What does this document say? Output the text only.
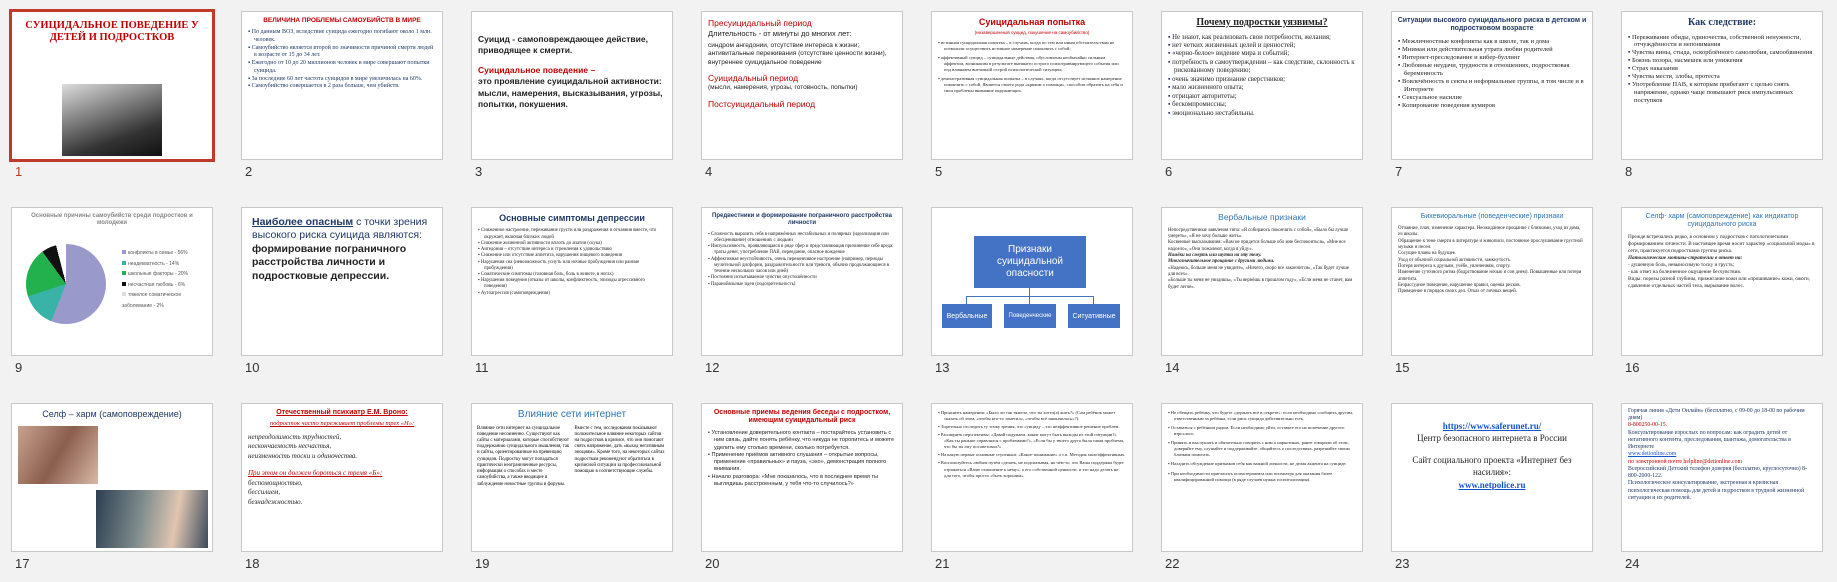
СУИЦИДАЛЬНОЕ ПОВЕДЕНИЕ У ДЕТЕЙ И ПОДРОСТКОВ
1
ВЕЛИЧИНА ПРОБЛЕМЫ САМОУБИЙСТВ В МИРЕ
▪ По данным ВОЗ, вследствие суицида ежегодно погибают около 1 млн. человек.
▪ Самоубийство является второй по значимости причиной смерти людей в возрасте от 15 до 34 лет.
▪ Ежегодно от 10 до 20 миллионов человек в мире совершают попытки суицида.
▪ За последние 60 лет частота суицидов в мире увеличилась на 60%.
▪ Самоубийство совершается в 2 раза больше, чем убийств.
2
Суицид - самоповреждающее действие, приводящее к смерти.
Суицидальное поведение –
это проявление суицидальной активности: мысли, намерения, высказывания, угрозы, попытки, покушения.
3
Пресуицидальный период
Длительность - от минуты до многих лет:
синдром ангедонии, отсутствие интереса к жизни; антивитальные переживания (отсутствие ценности жизни), внутреннее суицидальное поведение
Суицидальный период
(мысли, намерения, угрозы, готовность, попытки)
Постсуицидальный период
4
Суицидальная попытка
(незавершенный суицид, покушение на самоубийство)
▪ истинная суицидальная попытка – в случаях, когда по тем или иным обстоятельствам не позволили осуществить истинное намерение покончить с собой;
▪ аффективный суицид – суицидальные действия, обусловлены необычайно сильным аффектом, возникшим в результате внешнего острого психотравмирующего события или под влиянием внезапной острой психологической ситуации;
▪ демонстративная суицидальная попытка – в случаях, когда отсутствует истинное намерение покончить с собой. Является своего рода «криком о помощи», способом обратить на себя и свои проблемы внимание окружающих.
5
Почему подростки уязвимы?
▪ Не знают, как реализовать свои потребности, желания;
▪ нет четких жизненных целей и ценностей;
▪ «черно-белое» видение мира и событий;
▪ потребность в самоутверждении – как следствие, склонность к рискованному поведению;
▪ очень значимо признание сверстников;
▪ мало жизненного опыта;
▪ отрицают авторитеты;
▪ бескомпромиссны;
▪ эмоционально нестабильны.
6
Ситуации высокого суицидального риска в детском и подростковом возрасте
▪ Межличностные конфликты как в школе, так и дома
▪ Мнимая или действительная утрата любви родителей
▪ Интернет-преследование и кибер-буллинг
▪ Любовные неудачи, трудности в отношениях, подростковая беременность
▪ Вовлечённость в секты и неформальные группы, в том числе и в Интернете
▪ Сексуальное насилие
▪ Копирование поведения кумиров
7
Как следствие:
▪ Переживание обиды, одиночества, собственной ненужности, отчуждённости и непонимания
▪ Чувства вины, стыда, оскорблённого самолюбия, самообвинения
▪ Боязнь позора, насмешек или унижения
▪ Страх наказания
▪ Чувства мести, злобы, протеста
▪ Употребление ПАВ, к которым прибегают с целью снять напряжение, однако чаще повышают риск импульсивных поступков
8
Основные причины самоубийств среди подростков и молодежи
конфликты в семье - 56%
неадекватность - 14%
школьные факторы - 20%
несчастная любовь - 6%
тяжелое соматическое заболевание - 2%
9
Наиболее опасным с точки зрения высокого риска суицида являются:
формирование пограничного расстройства личности и подростковые депрессии.
10
Основные симптомы депрессии
▪ Сниженное настроение, переживание грусти или раздражения и отчаяния вместе, что окружает, включая близких людей
▪ Снижение жизненной активности вплоть до апатии (скука)
▪ Ангедония – отсутствие интереса и стремления к удовольствию
▪ Снижение или отсутствие аппетита, нарушения пищевого поведения
▪ Нарушения сна (невозможность уснуть или ночные пробуждения или ранние пробуждения)
▪ Соматические симптомы (головная боль, боль в животе, в ногах)
▪ Нарушения поведения (отказы от школы, конфликтность, эпизоды агрессивного поведения)
▪ Аутоагрессия (самоповреждения)
11
Предвестники и формирование пограничного расстройства личности
▪ Сложность выразить себя в напряжённых нестабильных и полярных (идеализация или обесценивание) отношениях с людьми
▪ Импульсивность, проявляющаяся в ряде сфер и представляющая причинение себе вреда: траты денег, употребление ПАВ, переедание, опасное вождение
▪ Аффективная неустойчивость, очень переменчивое настроение (например, периоды мучительной дисфории, раздражительности или тревоги, обычно продолжающиеся в течение нескольких часов или дней)
▪ Постоянно испытываемое чувство опустошённости
▪ Паранойяльные идеи (подозрительность)
12
Признаки суицидальной опасности
Вербальные	Поведенческие	Ситуативные
13
Вербальные признаки
Непосредственные заявления типа: «Я собираюсь покончить с собой», «Было бы лучше умереть», «Я не хочу больше жить».
Косвенные высказывания: «Вам не придется больше обо мне беспокоиться», «Мне все надоело», «Они пожалеют, когда я уйду».
Намёки на смерть или шутки на эту тему.
Многозначительное прощание с другими людьми.
«Надеюсь, больше меня не увидите», «Ничего, скоро все закончится», «Так будет лучше для всех».
«Больше ты меня не увидишь», «Ты вернёшь в прошлом году», «Если меня не станет, вам будет легче».
14
Бихевиоральные (поведенческие) признаки
Отчаяние, плач, изменение характера. Неожиданное прощание с близкими, уход из дома, из школы.
Обращение к теме смерти в литературе и живописи, постоянное прослушивание грустной музыки и песен.
Сосущие планы на будущее.
Уход от обычной социальной активности, замкнутость.
Потеря интереса к друзьям, учёбе, увлечениям, спорту.
Изменение суточного ритма (бодрствование ночью и сон днем). Повышенные или потеря аппетита.
Безрассудное поведение, нарушение правил, оценка рисков.
Приведение в порядок своих дел. Отказ от личных вещей.
15
Селф- харм (самоповреждение) как индикатор суицидального риска
Прежде встречались редко, в основном у подростков с патологическими формированием личности. В настоящее время носит характер «социальной моды» в сети, практикуется подростками группы риска.
Патологические мотивы-стратегии в ответ на:
- душевную боль, невыносимую тоску и грусть;
- как ответ на болезненное ощущение бесчувствия.
Виды: порезы разной глубины, прижигание кожи или «прошивание» кожи, ожоги, сдавление отдельных частей тела, вырывание волос.
16
Селф – харм (самоповреждение)
17
Отечественный психиатр Е.М. Вроно:
подросток часто переживает проблемы трех «Н»:
непреодолимость трудностей,
нескончаемость несчастья,
неизменность тоски и одиночества.
При этом он должен бороться с тремя «Б»:
беспомощностью,
бессилием,
безнадежностью.
18
Влияние сети интернет
Влияние сети интернет на суицидальное поведение несомненно. Существуют как сайты с материалами, которые способствуют поддержанию суицидального мышления, так и сайты, ориентированные на превенцию суицидов. Подростку могут попадаться практически неограниченные ресурсы, информация о способах и месте самоубийства, а также вводящие в заблуждение новостные группы и форумы.
Вместе с тем, исследования показывают положительное влияние некоторых сайтов на подростков в кризисе, что они помогают снять напряжение, дать «выход негативным эмоциям». Кроме того, на некоторых сайтах подросткам рекомендуют обратиться в кризисной ситуации за профессиональной помощью в соответствующие службы.
19
Основные приемы ведения беседы с подростком, имеющим суицидальный риск
▪ Установление доверительного контакта – постарайтесь установить с ним связь, дайте понять ребёнку, что никуда не торопитесь и можете уделить ему столько времени, сколько потребуется.
▪ Применение приёмов активного слушания – открытые вопросы, применение «правильных» и пауза, «эхо», демонстрация полного внимания.
▪ Начало разговора: «Мне показалось, что в последнее время ты выглядишь расстроенным, у тебя что-то случилось?»
20
▪ Прояснить намерения: «Было ли так тяжело, что ты хотел(а) жить?» (Сам ребёнок может сказать об этом, «чтобы кто-то заметил», «чтобы всё закончилось»?).
▪ Тщательно отследить ту точку зрения, что суициду – это неэффективное решение проблем.
▪ Расширить перспективы: «Давай подумаем, какие могут быть выходы из этой ситуации?» «Как ты раньше справлялся с проблемами?», «Если бы у твоего друга была такая проблема, что бы ты ему посоветовал?»
▪ На какую первые основные ступеньки: «Какое-понимание» о т.п. Методик малоэффективных.
▪ Воспользуйтесь любым путём сделать, не подсказывая, на чём-то, что Ваша поддержка будет отражаться «Ваше отношение к нему», о его собственной ценности, и это надо делать не для того, чтобы просто «быть хорошим».
21
▪ Не обещать ребёнку, что будете «держать всё в секрете»: если необходимо сообщить другим, ответственным за ребёнка, если риск суицида действительно есть.
▪ Оставаться с ребёнком рядом. Если необходимо уйти, оставьте его на попечение другого взрослого.
▪ Принять и выслушать и обязательно говорить с ним о наркотиках, ранее говорили об этом, доверяйте ему, слушайте и поддерживайте, общайтесь о последствиях, разрешайте своим близким помогать.
▪ Наладить обсуждение признаков себя как важной личности, не делая акцента на суициде.
▪ При необходимости пригласить психотерапевта или психиатра для оказания более квалифицированной помощи (в ряде случаев нужна госпитализация).
22
https://www.saferunet.ru/
Центр безопасного интернета в России
Сайт социального проекта «Интернет без насилия»:
www.netpolice.ru
23
Горячая линия «Дети Онлайн» (бесплатно, с 09-00 до 18-00 по рабочим дням)
8-800250-00-15.
Консультирование взрослых по вопросам: как оградить детей от негативного контента, преследования, шантажа, домогательства в Интернете
www.detionline.com
по электронной почте helpline@detionline.com
Всероссийский Детский телефон доверия (бесплатно, круглосуточно) 8-800-2000-122.
Психологическое консультирование, экстренная и кризисная психологическая помощь для детей и подростков в трудной жизненной ситуации и их родителей.
24
